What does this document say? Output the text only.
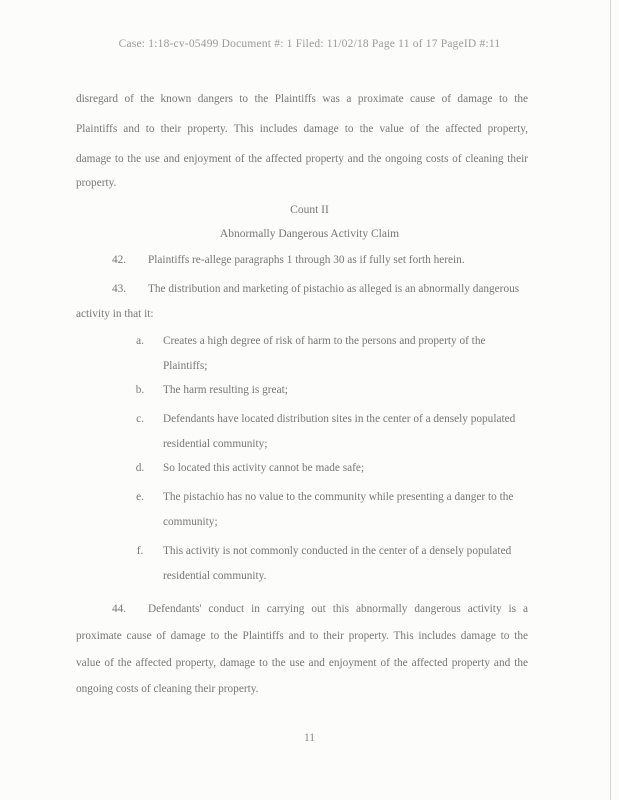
Case: 1:18-cv-05499 Document #: 1 Filed: 11/02/18 Page 11 of 17 PageID #:11
disregard of the known dangers to the Plaintiffs was a proximate cause of damage to the
Plaintiffs and to their property. This includes damage to the value of the affected property,
damage to the use and enjoyment of the affected property and the ongoing costs of cleaning their
property.
Count II
Abnormally Dangerous Activity Claim
42. Plaintiffs re-allege paragraphs 1 through 30 as if fully set forth herein.
43. The distribution and marketing of pistachio as alleged is an abnormally dangerous
activity in that it:
a.	Creates a high degree of risk of harm to the persons and property of the
Plaintiffs;
b.	The harm resulting is great;
c.	Defendants have located distribution sites in the center of a densely populated
residential community;
d.	So located this activity cannot be made safe;
e.	The pistachio has no value to the community while presenting a danger to the
community;
f.	This activity is not commonly conducted in the center of a densely populated
residential community.
44. Defendants' conduct in carrying out this abnormally dangerous activity is a
proximate cause of damage to the Plaintiffs and to their property. This includes damage to the
value of the affected property, damage to the use and enjoyment of the affected property and the
ongoing costs of cleaning their property.
11
